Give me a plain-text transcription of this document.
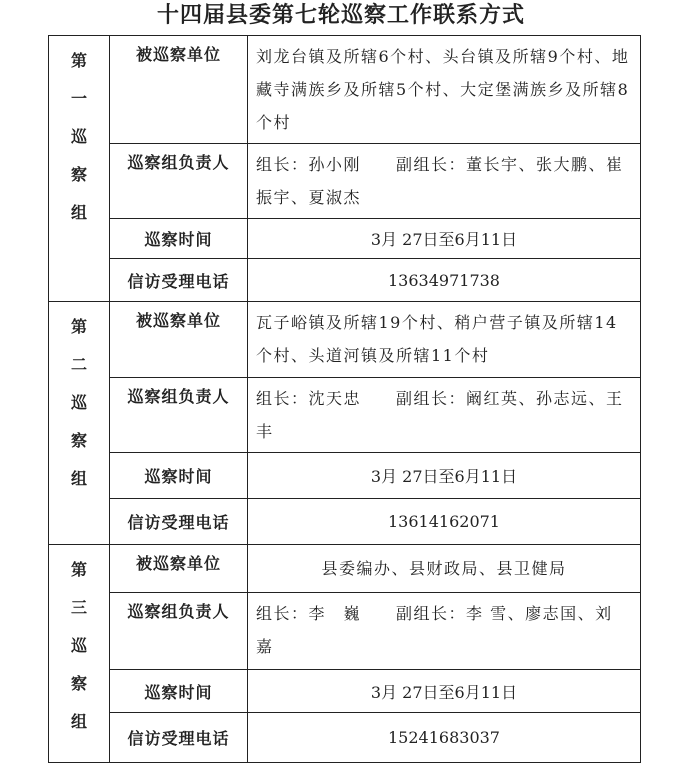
十四届县委第七轮巡察工作联系方式
第
一
巡
察
组	被巡察单位	刘龙台镇及所辖6个村、头台镇及所辖9个村、地藏寺满族乡及所辖5个村、大定堡满族乡及所辖8个村
	巡察组负责人	组长：孙小刚　　副组长：董长宇、张大鹏、崔振宇、夏淑杰
	巡察时间	3月 27日至6月11日
	信访受理电话	13634971738

第
二
巡
察
组	被巡察单位	瓦子峪镇及所辖19个村、稍户营子镇及所辖14个村、头道河镇及所辖11个村
	巡察组负责人	组长：沈天忠　　副组长：阚红英、孙志远、王　丰
	巡察时间	3月 27日至6月11日
	信访受理电话	13614162071

第
三
巡
察
组	被巡察单位	县委编办、县财政局、县卫健局
	巡察组负责人	组长：李　巍　　副组长：李 雪、廖志国、刘　嘉
	巡察时间	3月 27日至6月11日
	信访受理电话	15241683037
